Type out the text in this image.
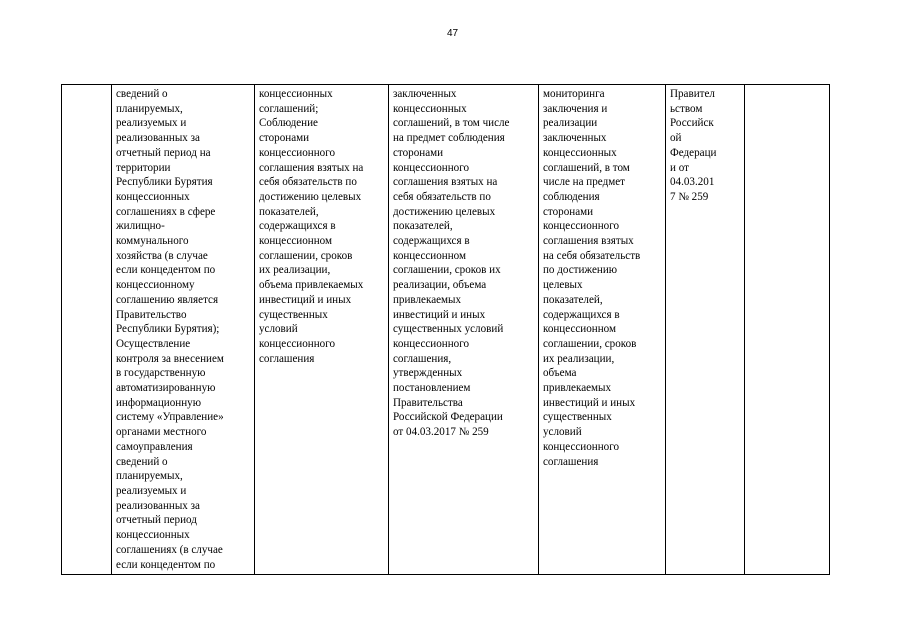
47
	сведений о
планируемых,
реализуемых и
реализованных за
отчетный период на
территории
Республики Бурятия
концессионных
соглашениях в сфере
жилищно-
коммунального
хозяйства (в случае
если концедентом по
концессионному
соглашению является
Правительство
Республики Бурятия);
Осуществление
контроля за внесением
в государственную
автоматизированную
информационную
систему «Управление»
органами местного
самоуправления
сведений о
планируемых,
реализуемых и
реализованных за
отчетный период
концессионных
соглашениях (в случае
если концедентом по	концессионных
соглашений;
Соблюдение
сторонами
концессионного
соглашения взятых на
себя обязательств по
достижению целевых
показателей,
содержащихся в
концессионном
соглашении, сроков
их реализации,
объема привлекаемых
инвестиций и иных
существенных
условий
концессионного
соглашения	заключенных
концессионных
соглашений, в том числе
на предмет соблюдения
сторонами
концессионного
соглашения взятых на
себя обязательств по
достижению целевых
показателей,
содержащихся в
концессионном
соглашении, сроков их
реализации, объема
привлекаемых
инвестиций и иных
существенных условий
концессионного
соглашения,
утвержденных
постановлением
Правительства
Российской Федерации
от 04.03.2017 № 259	мониторинга
заключения и
реализации
заключенных
концессионных
соглашений, в том
числе на предмет
соблюдения
сторонами
концессионного
соглашения взятых
на себя обязательств
по достижению
целевых
показателей,
содержащихся в
концессионном
соглашении, сроков
их реализации,
объема
привлекаемых
инвестиций и иных
существенных
условий
концессионного
соглашения	Правител
ьством
Российск
ой
Федераци
и от
04.03.201
7 № 259	
